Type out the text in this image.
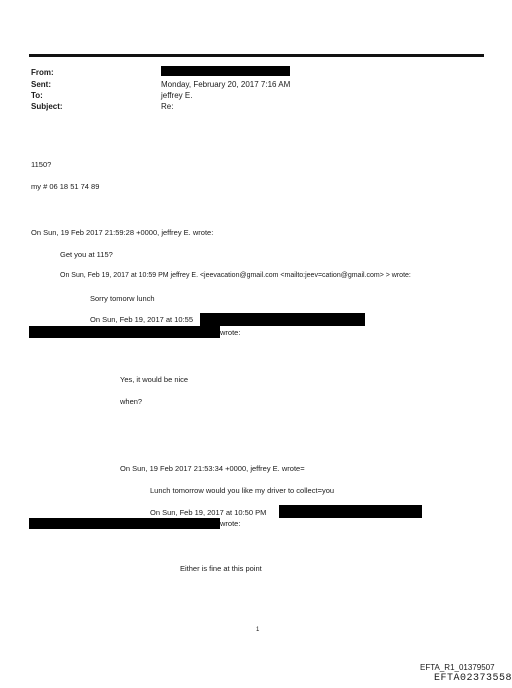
From:
Sent:	Monday, February 20, 2017 7:16 AM
To:	jeffrey E.
Subject:	Re:
1150?
my # 06 18 51 74 89
On Sun, 19 Feb 2017 21:59:28 +0000, jeffrey E. wrote:
Get you at 115?
On Sun, Feb 19, 2017 at 10:59 PM jeffrey E. <jeevacation@gmail.com <mailto:jeev=cation@gmail.com> > wrote:
Sorry tomorw lunch
On Sun, Feb 19, 2017 at 10:55
wrote:
Yes, it would be nice
when?
On Sun, 19 Feb 2017 21:53:34 +0000, jeffrey E. wrote=
Lunch tomorrow would you like my driver to collect=you
On Sun, Feb 19, 2017 at 10:50 PM
wrote:
Either is fine at this point
1
EFTA_R1_01379507
EFTA02373558
